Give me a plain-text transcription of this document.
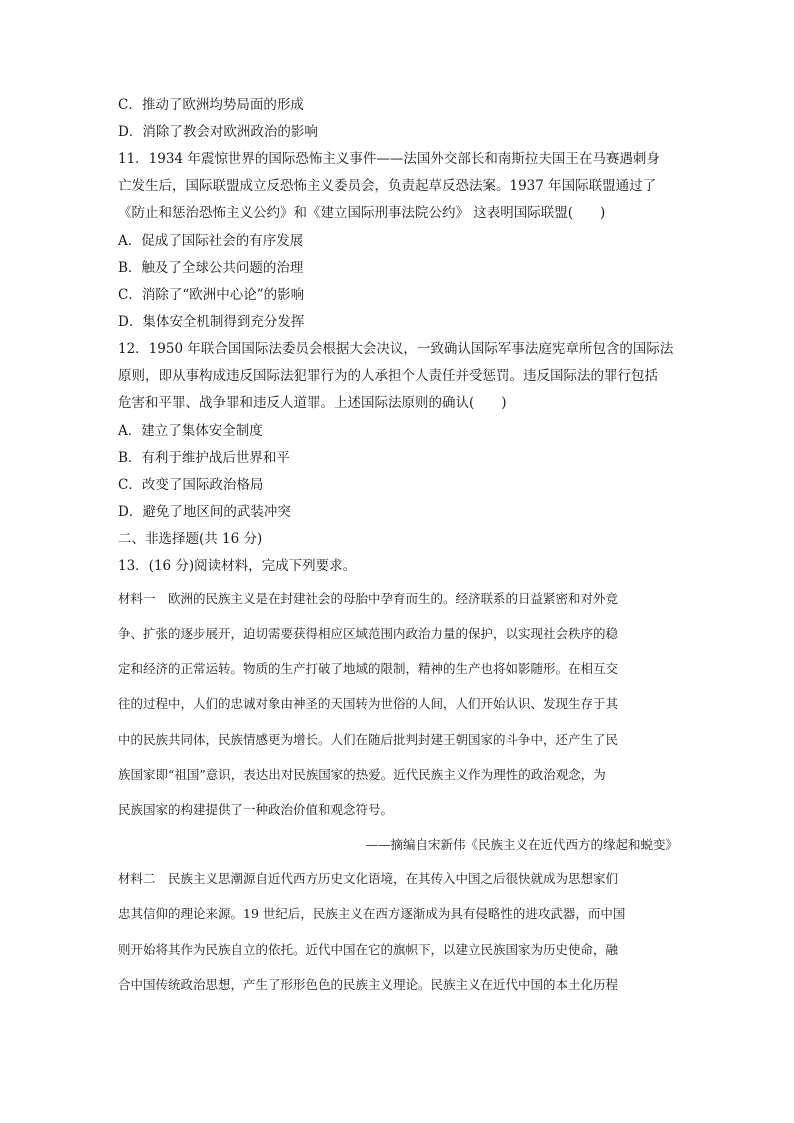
C．推动了欧洲均势局面的形成
D．消除了教会对欧洲政治的影响
11．1934 年震惊世界的国际恐怖主义事件——法国外交部长和南斯拉夫国王在马赛遇刺身
亡发生后，国际联盟成立反恐怖主义委员会，负责起草反恐法案。1937 年国际联盟通过了
《防止和惩治恐怖主义公约》和《建立国际刑事法院公约》 这表明国际联盟(　　)
A．促成了国际社会的有序发展
B．触及了全球公共问题的治理
C．消除了“欧洲中心论”的影响
D．集体安全机制得到充分发挥
12．1950 年联合国国际法委员会根据大会决议，一致确认国际军事法庭宪章所包含的国际法
原则，即从事构成违反国际法犯罪行为的人承担个人责任并受惩罚。违反国际法的罪行包括
危害和平罪、战争罪和违反人道罪。上述国际法原则的确认(　　)
A．建立了集体安全制度
B．有利于维护战后世界和平
C．改变了国际政治格局
D．避免了地区间的武装冲突
二、非选择题(共 16 分)
13．(16 分)阅读材料，完成下列要求。
材料一　欧洲的民族主义是在封建社会的母胎中孕育而生的。经济联系的日益紧密和对外竞
争、扩张的逐步展开，迫切需要获得相应区域范围内政治力量的保护，以实现社会秩序的稳
定和经济的正常运转。物质的生产打破了地域的限制，精神的生产也将如影随形。在相互交
往的过程中，人们的忠诚对象由神圣的天国转为世俗的人间，人们开始认识、发现生存于其
中的民族共同体，民族情感更为增长。人们在随后批判封建王朝国家的斗争中，还产生了民
族国家即“祖国”意识，表达出对民族国家的热爱。近代民族主义作为理性的政治观念，为
民族国家的构建提供了一种政治价值和观念符号。
——摘编自宋新伟《民族主义在近代西方的缘起和蜕变》
材料二　民族主义思潮源自近代西方历史文化语境，在其传入中国之后很快就成为思想家们
忠其信仰的理论来源。19 世纪后，民族主义在西方逐渐成为具有侵略性的进攻武器，而中国
则开始将其作为民族自立的依托。近代中国在它的旗帜下，以建立民族国家为历史使命，融
合中国传统政治思想，产生了形形色色的民族主义理论。民族主义在近代中国的本土化历程
